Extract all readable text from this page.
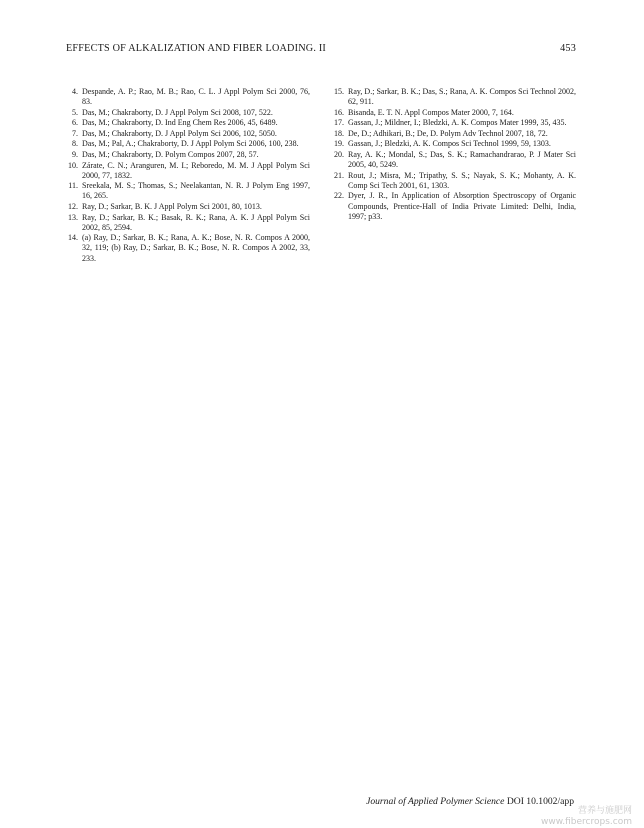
EFFECTS OF ALKALIZATION AND FIBER LOADING. II	453
4. Despande, A. P.; Rao, M. B.; Rao, C. L. J Appl Polym Sci 2000, 76, 83.
5. Das, M.; Chakraborty, D. J Appl Polym Sci 2008, 107, 522.
6. Das, M.; Chakraborty, D. Ind Eng Chem Res 2006, 45, 6489.
7. Das, M.; Chakraborty, D. J Appl Polym Sci 2006, 102, 5050.
8. Das, M.; Pal, A.; Chakraborty, D. J Appl Polym Sci 2006, 100, 238.
9. Das, M.; Chakraborty, D. Polym Compos 2007, 28, 57.
10. Zárate, C. N.; Aranguren, M. I.; Reboredo, M. M. J Appl Polym Sci 2000, 77, 1832.
11. Sreekala, M. S.; Thomas, S.; Neelakantan, N. R. J Polym Eng 1997, 16, 265.
12. Ray, D.; Sarkar, B. K. J Appl Polym Sci 2001, 80, 1013.
13. Ray, D.; Sarkar, B. K.; Basak, R. K.; Rana, A. K. J Appl Polym Sci 2002, 85, 2594.
14. (a) Ray, D.; Sarkar, B. K.; Rana, A. K.; Bose, N. R. Compos A 2000, 32, 119; (b) Ray, D.; Sarkar, B. K.; Bose, N. R. Compos A 2002, 33, 233.
15. Ray, D.; Sarkar, B. K.; Das, S.; Rana, A. K. Compos Sci Technol 2002, 62, 911.
16. Bisanda, E. T. N. Appl Compos Mater 2000, 7, 164.
17. Gassan, J.; Mildner, I.; Bledzki, A. K. Compos Mater 1999, 35, 435.
18. De, D.; Adhikari, B.; De, D. Polym Adv Technol 2007, 18, 72.
19. Gassan, J.; Bledzki, A. K. Compos Sci Technol 1999, 59, 1303.
20. Ray, A. K.; Mondal, S.; Das, S. K.; Ramachandrarao, P. J Mater Sci 2005, 40, 5249.
21. Rout, J.; Misra, M.; Tripathy, S. S.; Nayak, S. K.; Mohanty, A. K. Comp Sci Tech 2001, 61, 1303.
22. Dyer, J. R., In Application of Absorption Spectroscopy of Organic Compounds, Prentice-Hall of India Private Limited: Delhi, India, 1997; p33.
Journal of Applied Polymer Science DOI 10.1002/app
营养与施肥网
www.fibercrops.com
